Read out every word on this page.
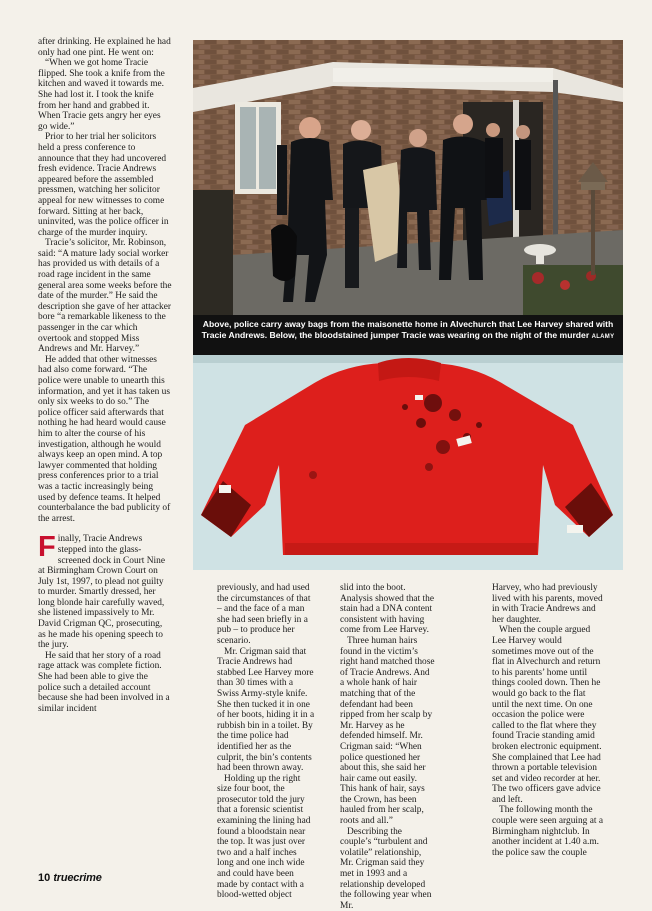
after drinking. He explained he had only had one pint. He went on:

“When we got home Tracie flipped. She took a knife from the kitchen and waved it towards me. She had lost it. I took the knife from her hand and grabbed it. When Tracie gets angry her eyes go wide.”

Prior to her trial her solicitors held a press conference to announce that they had uncovered fresh evidence. Tracie Andrews appeared before the assembled pressmen, watching her solicitor appeal for new witnesses to come forward. Sitting at her back, uninvited, was the police officer in charge of the murder inquiry.

Tracie’s solicitor, Mr. Robinson, said: “A mature lady social worker has provided us with details of a road rage incident in the same general area some weeks before the date of the murder.” He said the description she gave of her attacker bore “a remarkable likeness to the passenger in the car which overtook and stopped Miss Andrews and Mr. Harvey.”

He added that other witnesses had also come forward. “The police were unable to unearth this information, and yet it has taken us only six weeks to do so.” The police officer said afterwards that nothing he had heard would cause him to alter the course of his investigation, although he would always keep an open mind. A top lawyer commented that holding press conferences prior to a trial was a tactic increasingly being used by defence teams. It helped counterbalance the bad publicity of the arrest.

Finally, Tracie Andrews stepped into the glass-screened dock in Court Nine at Birmingham Crown Court on July 1st, 1997, to plead not guilty to murder. Smartly dressed, her long blonde hair carefully waved, she listened impassively to Mr. David Crigman QC, prosecuting, as he made his opening speech to the jury.

He said that her story of a road rage attack was complete fiction. She had been able to give the police such a detailed account because she had been involved in a similar incident

Above, police carry away bags from the maisonette home in Alvechurch that Lee Harvey shared with Tracie Andrews. Below, the bloodstained jumper Tracie was wearing on the night of the murder ALAMY

previously, and had used the circumstances of that – and the face of a man she had seen briefly in a pub – to produce her scenario.

Mr. Crigman said that Tracie Andrews had stabbed Lee Harvey more than 30 times with a Swiss Army-style knife. She then tucked it in one of her boots, hiding it in a rubbish bin in a toilet. By the time police had identified her as the culprit, the bin’s contents had been thrown away.

Holding up the right size four boot, the prosecutor told the jury that a forensic scientist examining the lining had found a bloodstain near the top. It was just over two and a half inches long and one inch wide and could have been made by contact with a blood-wetted object

slid into the boot. Analysis showed that the stain had a DNA content consistent with having come from Lee Harvey.

Three human hairs found in the victim’s right hand matched those of Tracie Andrews. And a whole hank of hair matching that of the defendant had been ripped from her scalp by Mr. Harvey as he defended himself. Mr. Crigman said: “When police questioned her about this, she said her hair came out easily. This hank of hair, says the Crown, has been hauled from her scalp, roots and all.”

Describing the couple’s “turbulent and volatile” relationship, Mr. Crigman said they met in 1993 and a relationship developed the following year when Mr.

Harvey, who had previously lived with his parents, moved in with Tracie Andrews and her daughter.

When the couple argued Lee Harvey would sometimes move out of the flat in Alvechurch and return to his parents’ home until things cooled down. Then he would go back to the flat until the next time. On one occasion the police were called to the flat where they found Tracie standing amid broken electronic equipment. She complained that Lee had thrown a portable television set and video recorder at her. The two officers gave advice and left.

The following month the couple were seen arguing at a Birmingham nightclub. In another incident at 1.40 a.m. the police saw the couple

10 truecrime
